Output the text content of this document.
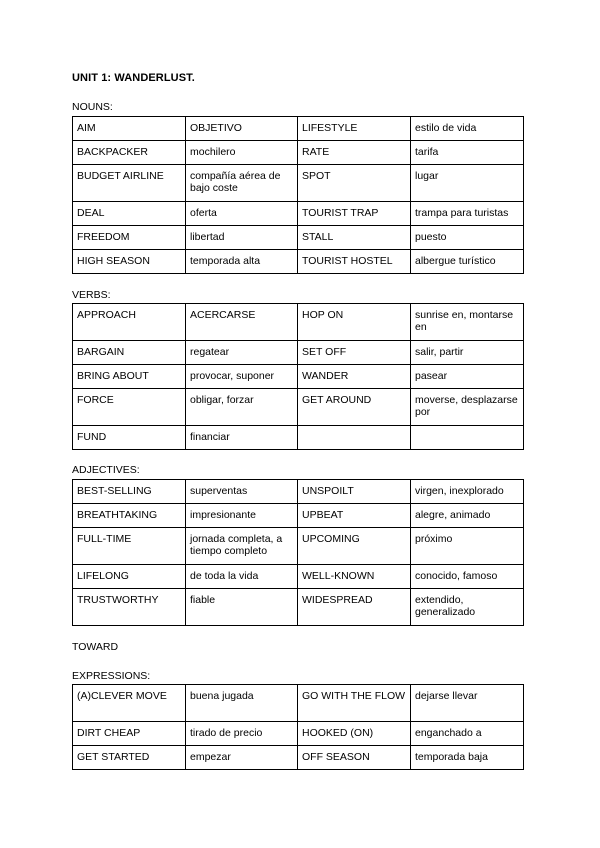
UNIT 1: WANDERLUST.
NOUNS:
AIM	OBJETIVO	LIFESTYLE	estilo de vida
BACKPACKER	mochilero	RATE	tarifa
BUDGET AIRLINE	compañía aérea de bajo coste	SPOT	lugar
DEAL	oferta	TOURIST TRAP	trampa para turistas
FREEDOM	libertad	STALL	puesto
HIGH SEASON	temporada alta	TOURIST HOSTEL	albergue turístico
VERBS:
APPROACH	ACERCARSE	HOP ON	sunrise en, montarse en
BARGAIN	regatear	SET OFF	salir, partir
BRING ABOUT	provocar, suponer	WANDER	pasear
FORCE	obligar, forzar	GET AROUND	moverse, desplazarse por
FUND	financiar		
ADJECTIVES:
BEST-SELLING	superventas	UNSPOILT	virgen, inexplorado
BREATHTAKING	impresionante	UPBEAT	alegre, animado
FULL-TIME	jornada completa, a tiempo completo	UPCOMING	próximo
LIFELONG	de toda la vida	WELL-KNOWN	conocido, famoso
TRUSTWORTHY	fiable	WIDESPREAD	extendido, generalizado
TOWARD
EXPRESSIONS:
(A)CLEVER MOVE	buena jugada	GO WITH THE FLOW	dejarse llevar
DIRT CHEAP	tirado de precio	HOOKED (ON)	enganchado a
GET STARTED	empezar	OFF SEASON	temporada baja
